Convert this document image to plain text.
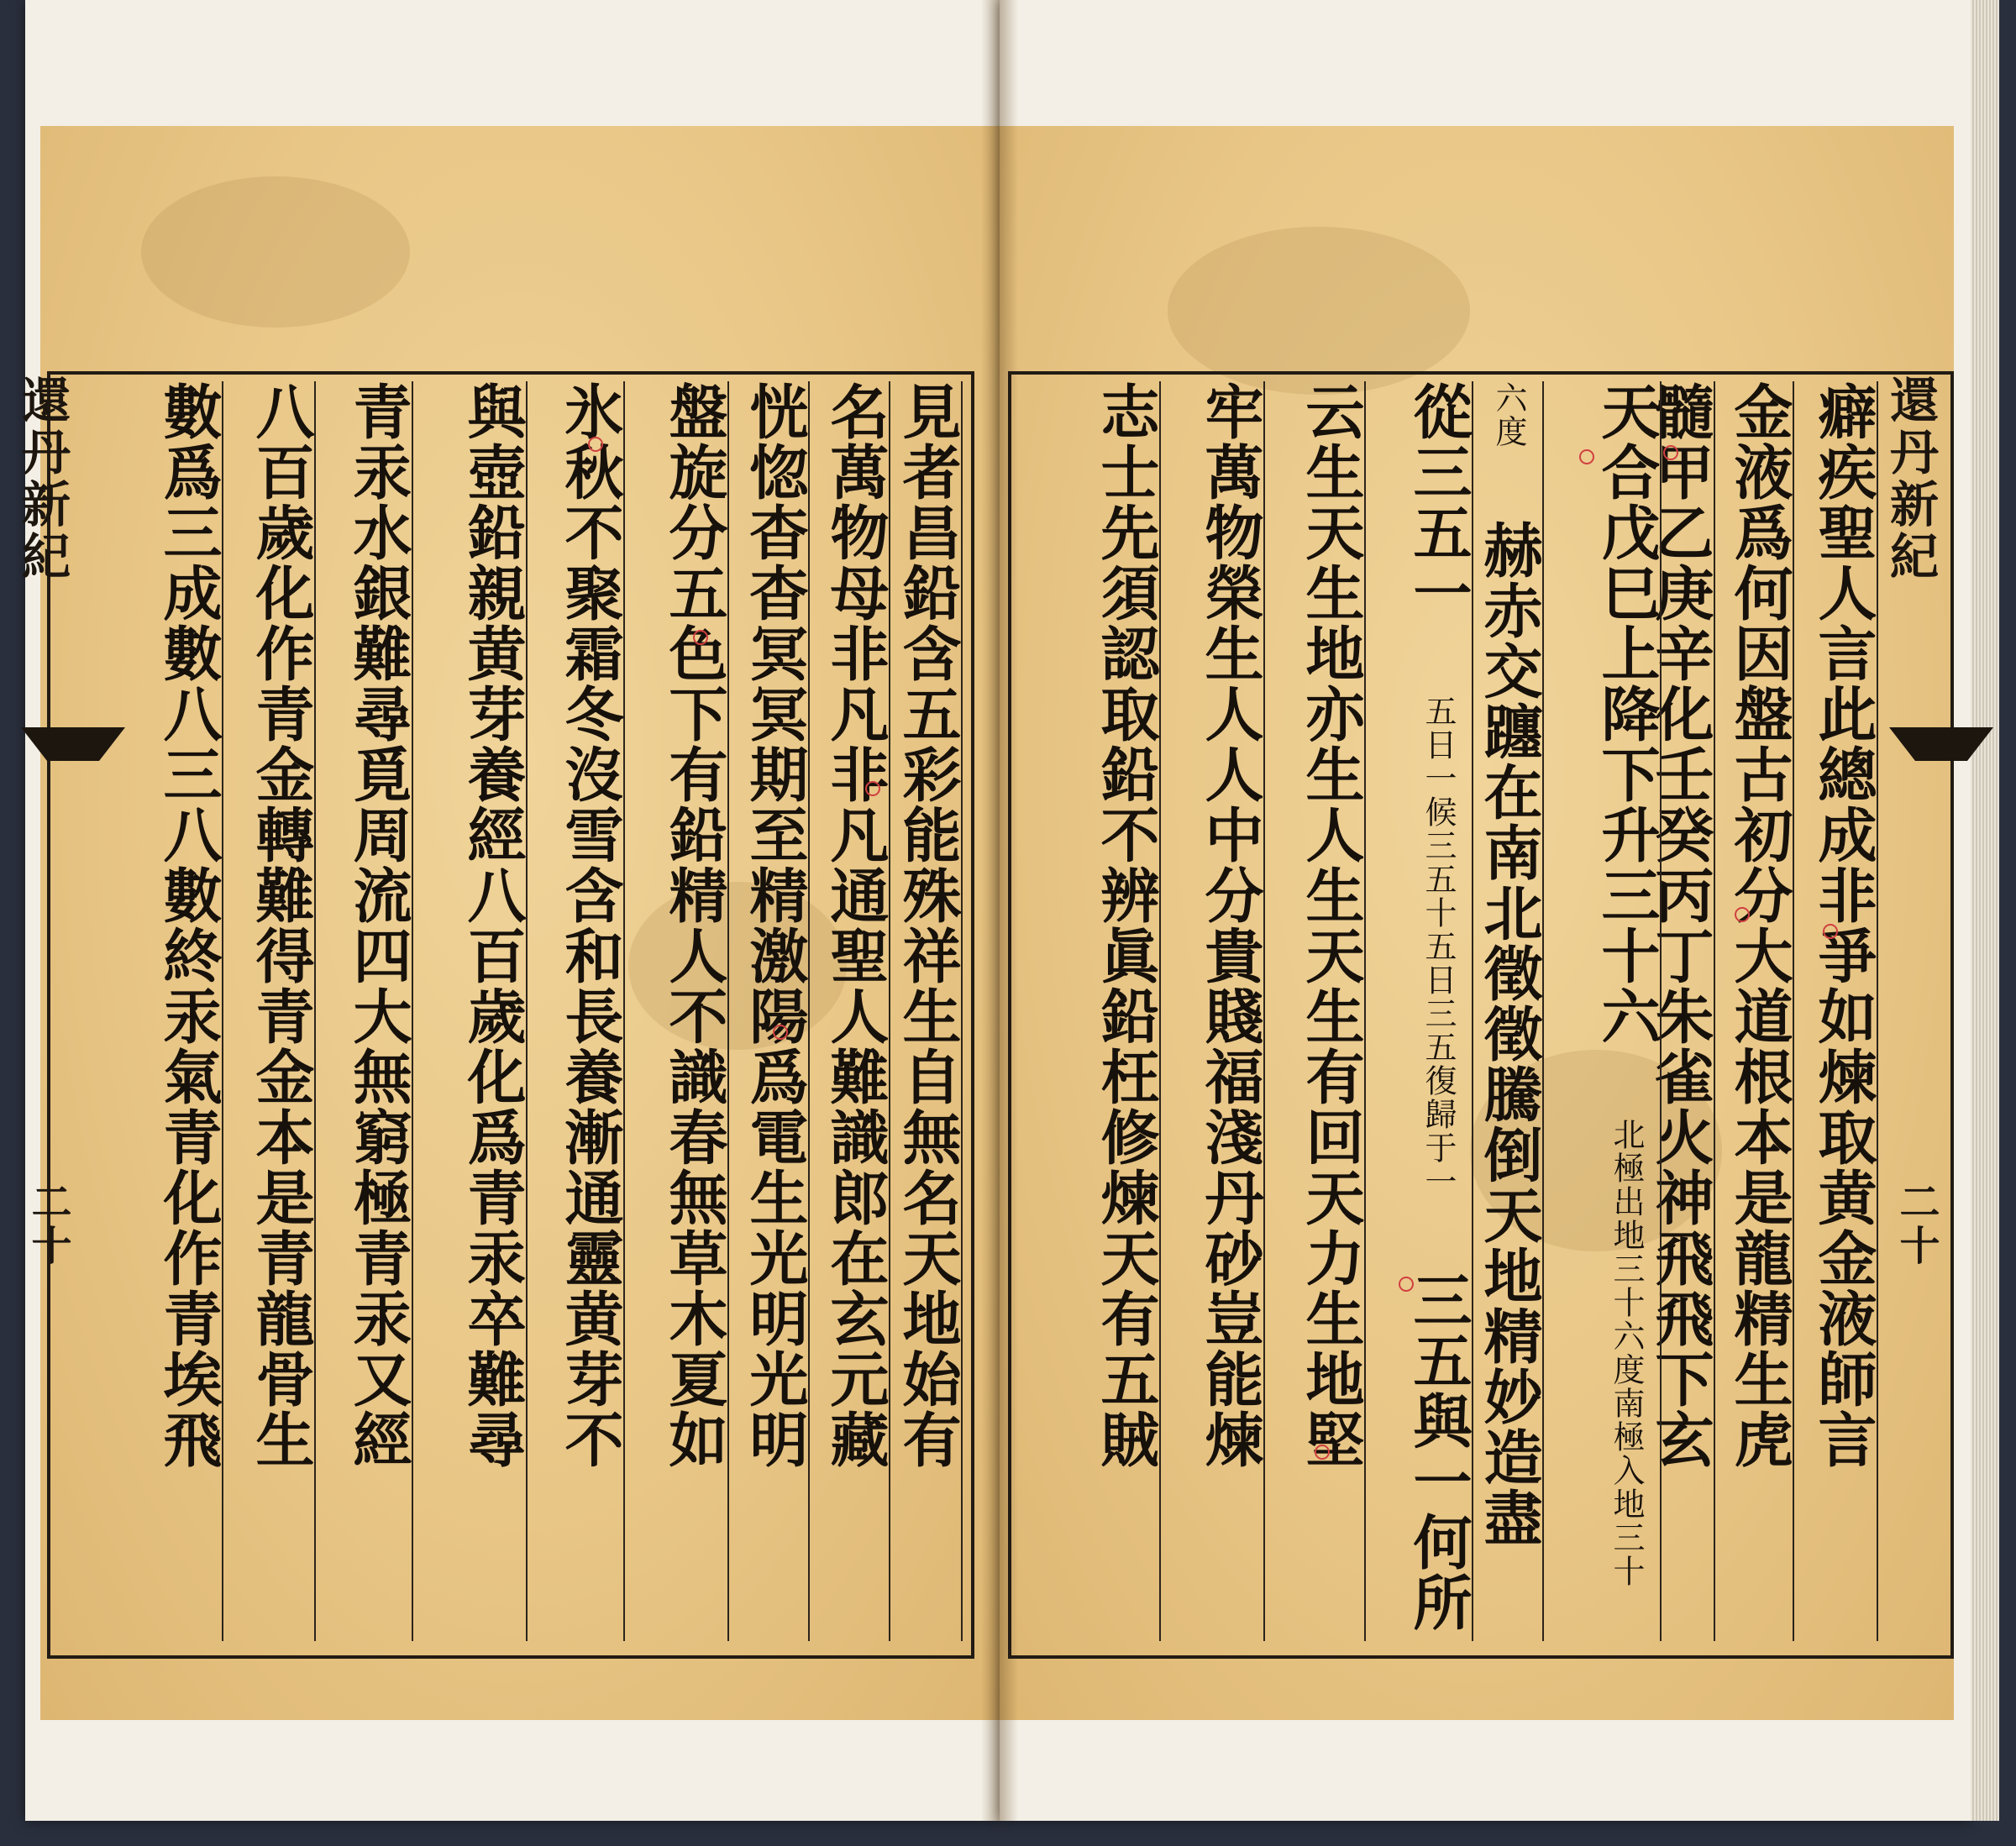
還丹新紀
二十	見者昌鉛含五彩能殊祥生自無名天地始有
名萬物母非凡非凡通聖人難識郎在玄元藏
恍惚杳杳冥冥期至精激陽爲電生光明光明
盤旋分五色下有鉛精人不識春無草木夏如
氷秋不聚霜冬沒雪含和長養漸通靈黄芽不
與壺鉛親黄芽養經八百歲化爲青汞卒難尋
青汞水銀難尋覓周流四大無窮極青汞又經
八百歲化作青金轉難得青金本是青龍骨生
數爲三成數八三八數終汞氣青化作青埃飛	還丹新紀
二十
癖疾聖人言此總成非爭如煉取黄金液師言
金液爲何因盤古初分大道根本是龍精生虎
髓甲乙庚辛化壬癸丙丁朱雀火神飛飛下玄
天合戊巳上降下升三十六 北極出地三十六度南極入地三十
六度 赫赤交躔在南北徵徵騰倒天地精妙造盡
從三五一 五日一候三五十五日三五復歸于一 三五與一何所
云生天生地亦生人生天生有回天力生地堅
牢萬物榮生人人中分貴賤福淺丹砂豈能煉
志士先須認取鉛不辨眞鉛枉修煉天有五賊
